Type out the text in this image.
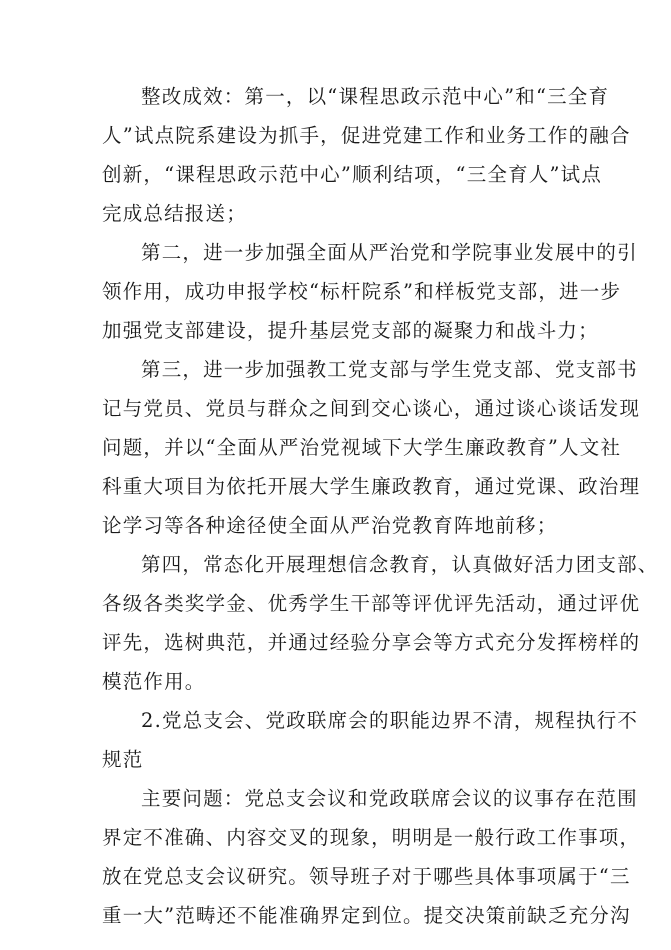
整改成效：第一，以“课程思政示范中心”和“三全育
人”试点院系建设为抓手，促进党建工作和业务工作的融合
创新，“课程思政示范中心”顺利结项，“三全育人”试点
完成总结报送；
第二，进一步加强全面从严治党和学院事业发展中的引
领作用，成功申报学校“标杆院系”和样板党支部，进一步
加强党支部建设，提升基层党支部的凝聚力和战斗力；
第三，进一步加强教工党支部与学生党支部、党支部书
记与党员、党员与群众之间到交心谈心，通过谈心谈话发现
问题，并以“全面从严治党视域下大学生廉政教育”人文社
科重大项目为依托开展大学生廉政教育，通过党课、政治理
论学习等各种途径使全面从严治党教育阵地前移；
第四，常态化开展理想信念教育，认真做好活力团支部、
各级各类奖学金、优秀学生干部等评优评先活动，通过评优
评先，选树典范，并通过经验分享会等方式充分发挥榜样的
模范作用。
2.党总支会、党政联席会的职能边界不清，规程执行不
规范
主要问题：党总支会议和党政联席会议的议事存在范围
界定不准确、内容交叉的现象，明明是一般行政工作事项，
放在党总支会议研究。领导班子对于哪些具体事项属于“三
重一大”范畴还不能准确界定到位。提交决策前缺乏充分沟
